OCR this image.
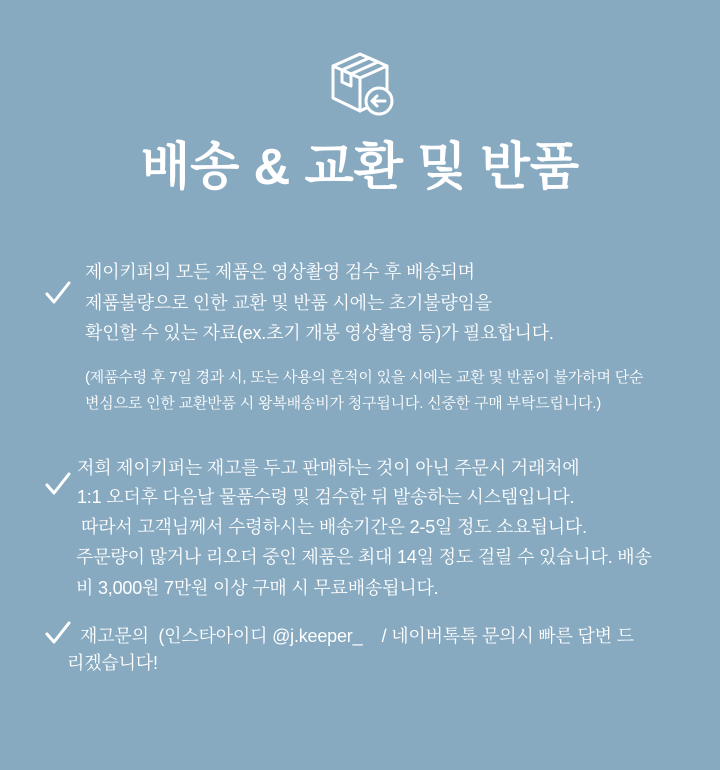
배송 & 교환 및 반품
제이키퍼의 모든 제품은 영상촬영 검수 후 배송되며
제품불량으로 인한 교환 및 반품 시에는 초기불량임을
확인할 수 있는 자료(ex.초기 개봉 영상촬영 등)가 필요합니다.
(제품수령 후 7일 경과 시, 또는 사용의 흔적이 있을 시에는 교환 및 반품이 불가하며 단순
변심으로 인한 교환반품 시 왕복배송비가 청구됩니다. 신중한 구매 부탁드립니다.)
저희 제이키퍼는 재고를 두고 판매하는 것이 아닌 주문시 거래처에
1:1 오더후 다음날 물품수령 및 검수한 뒤 발송하는 시스템입니다.
따라서 고객님께서 수령하시는 배송기간은 2-5일 정도 소요됩니다.
주문량이 많거나 리오더 중인 제품은 최대 14일 정도 걸릴 수 있습니다. 배송
비 3,000원 7만원 이상 구매 시 무료배송됩니다.
재고문의  (인스타아이디 @j.keeper_    / 네이버톡톡 문의시 빠른 답변 드
리겠습니다!
